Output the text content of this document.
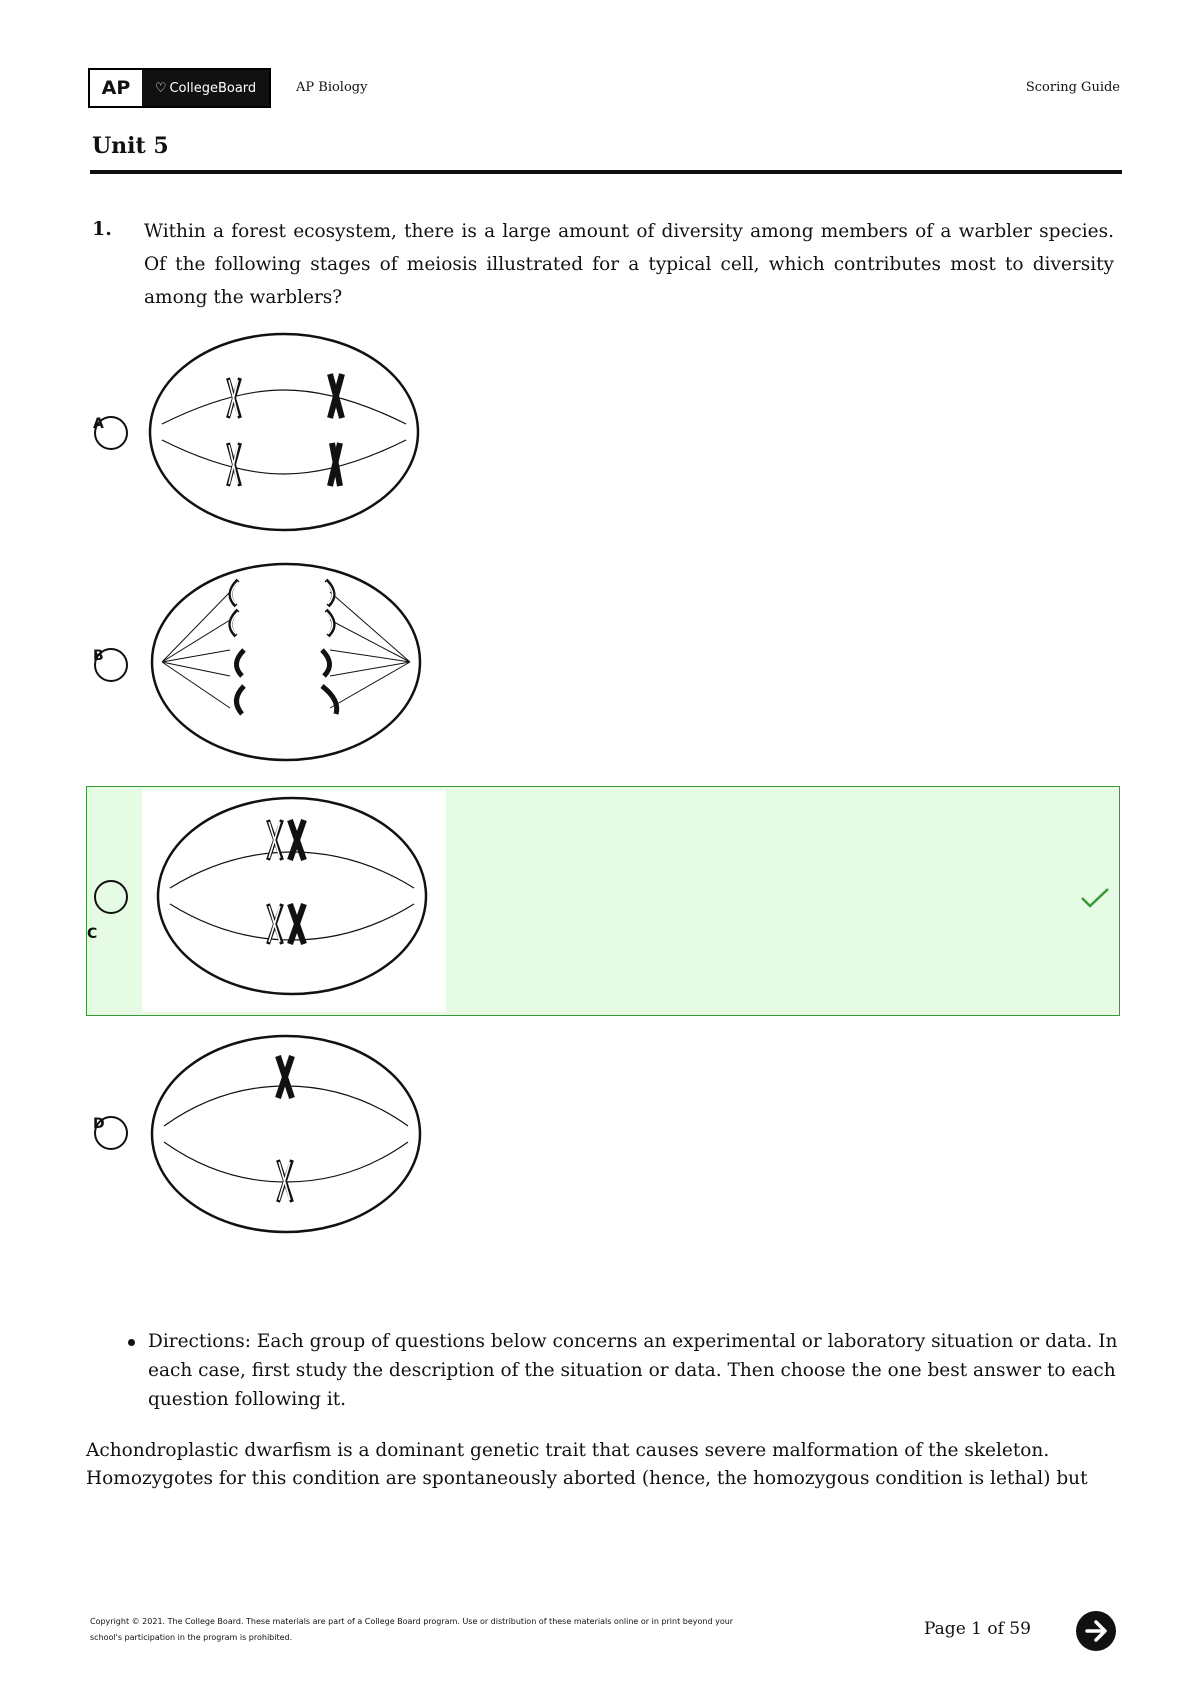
AP	♡ CollegeBoard	AP Biology	Scoring Guide
Unit 5
1. Within a forest ecosystem, there is a large amount of diversity among members of a warbler species. Of the following stages of meiosis illustrated for a typical cell, which contributes most to diversity among the warblers?
A
B
C
D
Directions: Each group of questions below concerns an experimental or laboratory situation or data. In each case, first study the description of the situation or data. Then choose the one best answer to each question following it.
Achondroplastic dwarfism is a dominant genetic trait that causes severe malformation of the skeleton. Homozygotes for this condition are spontaneously aborted (hence, the homozygous condition is lethal) but
Copyright © 2021. The College Board. These materials are part of a College Board program. Use or distribution of these materials online or in print beyond your school's participation in the program is prohibited.	Page 1 of 59
